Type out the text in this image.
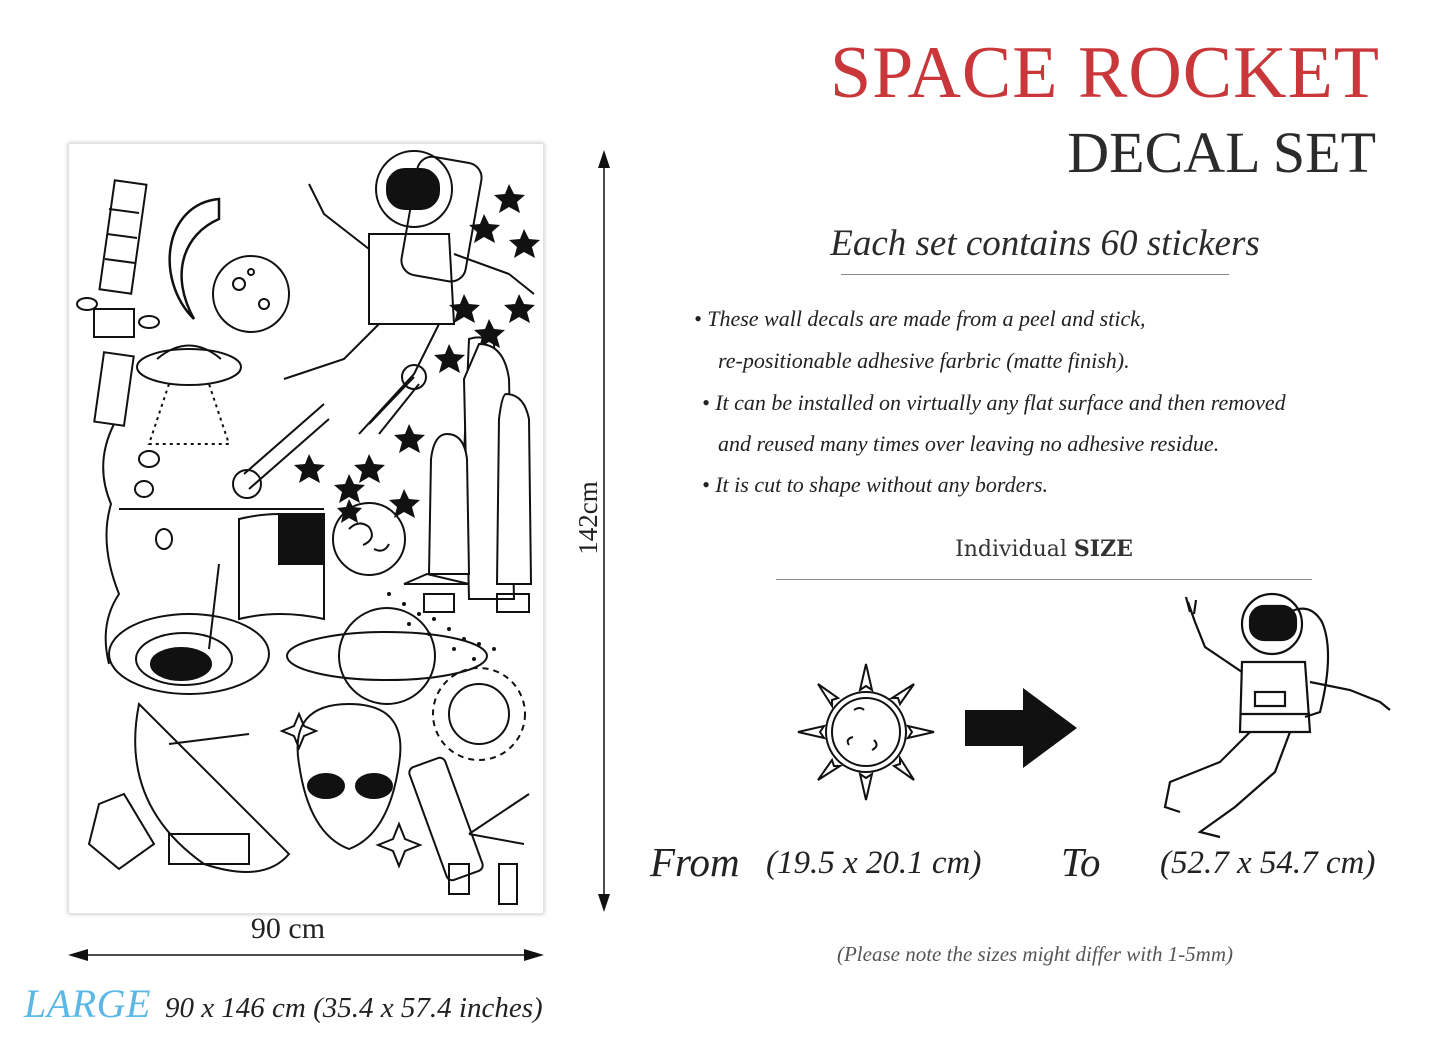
142cm
90 cm
LARGE 90 x 146 cm (35.4 x 57.4 inches)
SPACE ROCKET
DECAL SET
Each set contains 60 stickers
• These wall decals are made from a peel and stick,
re-positionable adhesive farbric (matte finish).
• It can be installed on virtually any flat surface and then removed
and reused many times over leaving no adhesive residue.
• It is cut to shape without any borders.
Individual SIZE
From (19.5 x 20.1 cm) To (52.7 x 54.7 cm)
(Please note the sizes might differ with 1-5mm)
